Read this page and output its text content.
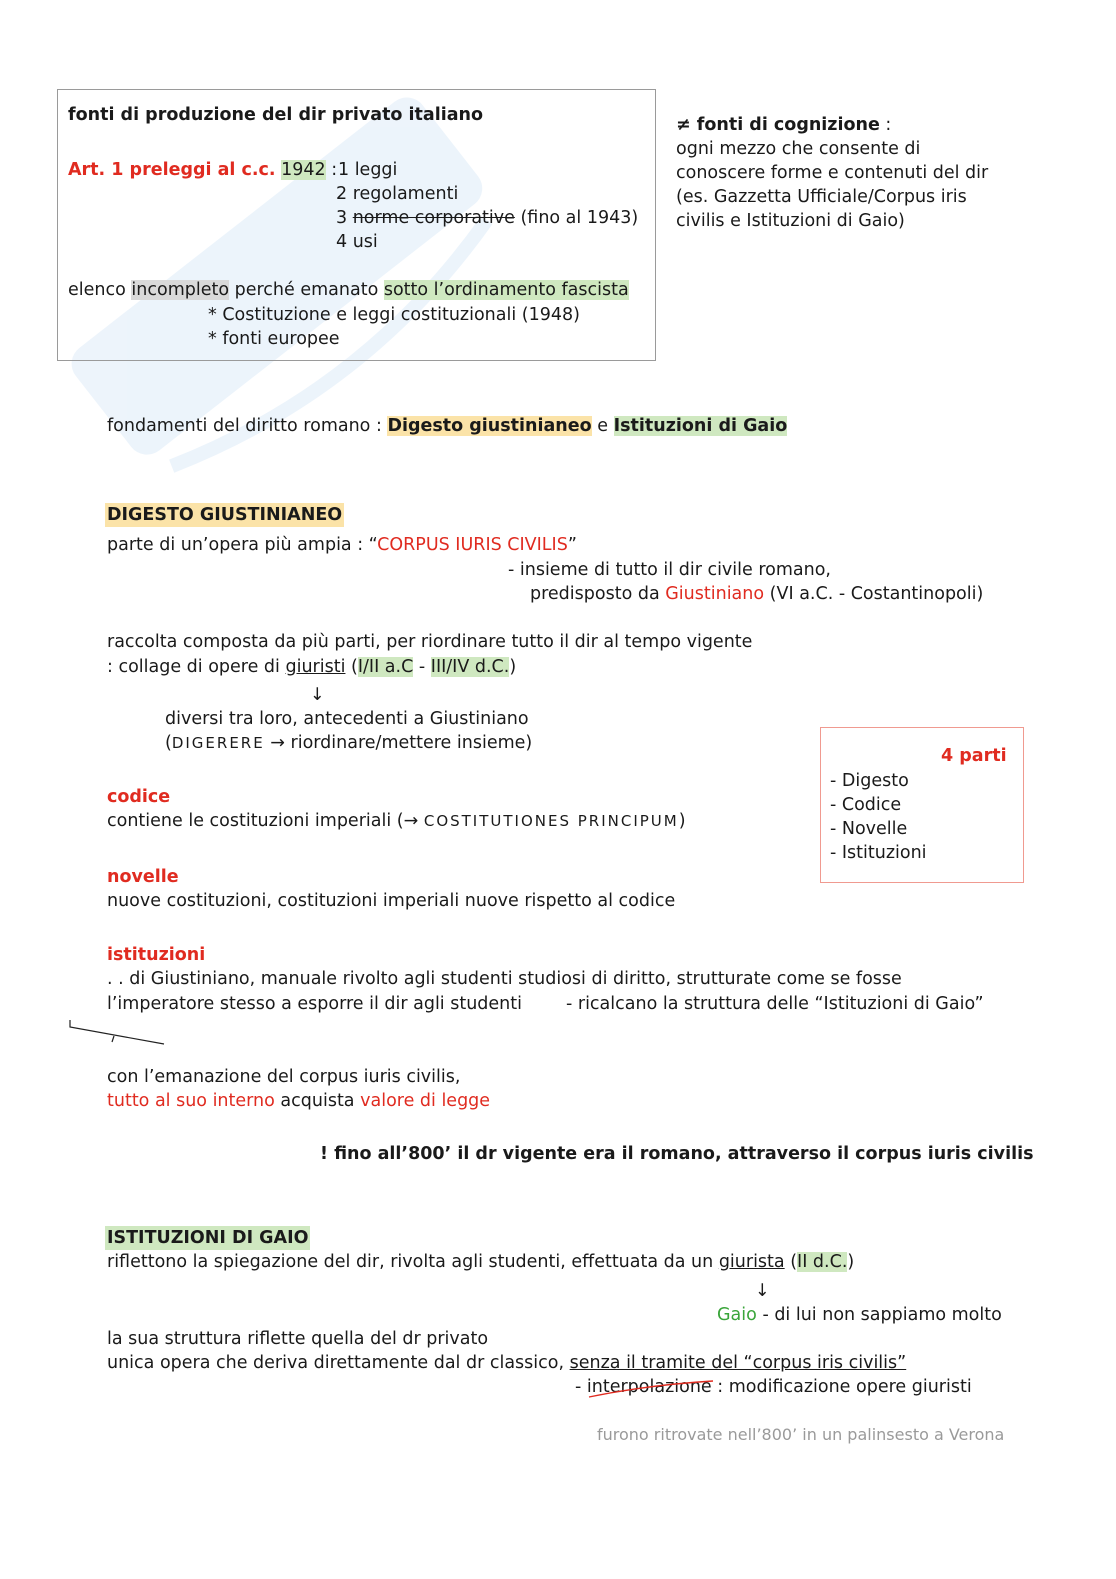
fonti di produzione del dir privato italiano
Art. 1 preleggi al c.c. 1942 : 1 leggi
2 regolamenti
3 norme corporative (fino al 1943)
4 usi
elenco incompleto perché emanato sotto l’ordinamento fascista
* Costituzione e leggi costituzionali (1948)
* fonti europee
≠ fonti di cognizione :
ogni mezzo che consente di
conoscere forme e contenuti del dir
(es. Gazzetta Ufficiale/Corpus iris
civilis e Istituzioni di Gaio)
fondamenti del diritto romano : Digesto giustinianeo e Istituzioni di Gaio
DIGESTO GIUSTINIANEO
parte di un’opera più ampia : “CORPUS IURIS CIVILIS”
- insieme di tutto il dir civile romano,
predisposto da Giustiniano (VI a.C. - Costantinopoli)
raccolta composta da più parti, per riordinare tutto il dir al tempo vigente
: collage di opere di giuristi (I/II a.C - III/IV d.C.)
↓
diversi tra loro, antecedenti a Giustiniano
(DIGERERE → riordinare/mettere insieme)
codice
contiene le costituzioni imperiali (→ COSTITUTIONES PRINCIPUM)
4 parti
- Digesto
- Codice
- Novelle
- Istituzioni
novelle
nuove costituzioni, costituzioni imperiali nuove rispetto al codice
istituzioni
. . di Giustiniano, manuale rivolto agli studenti studiosi di diritto, strutturate come se fosse
l’imperatore stesso a esporre il dir agli studenti	- ricalcano la struttura delle “Istituzioni di Gaio”
con l’emanazione del corpus iuris civilis,
tutto al suo interno acquista valore di legge
! fino all’800’ il dr vigente era il romano, attraverso il corpus iuris civilis
ISTITUZIONI DI GAIO
riflettono la spiegazione del dir, rivolta agli studenti, effettuata da un giurista (II d.C.)
↓
Gaio - di lui non sappiamo molto
la sua struttura riflette quella del dr privato
unica opera che deriva direttamente dal dr classico, senza il tramite del “corpus iris civilis”
- interpolazione : modificazione opere giuristi
furono ritrovate nell’800’ in un palinsesto a Verona
